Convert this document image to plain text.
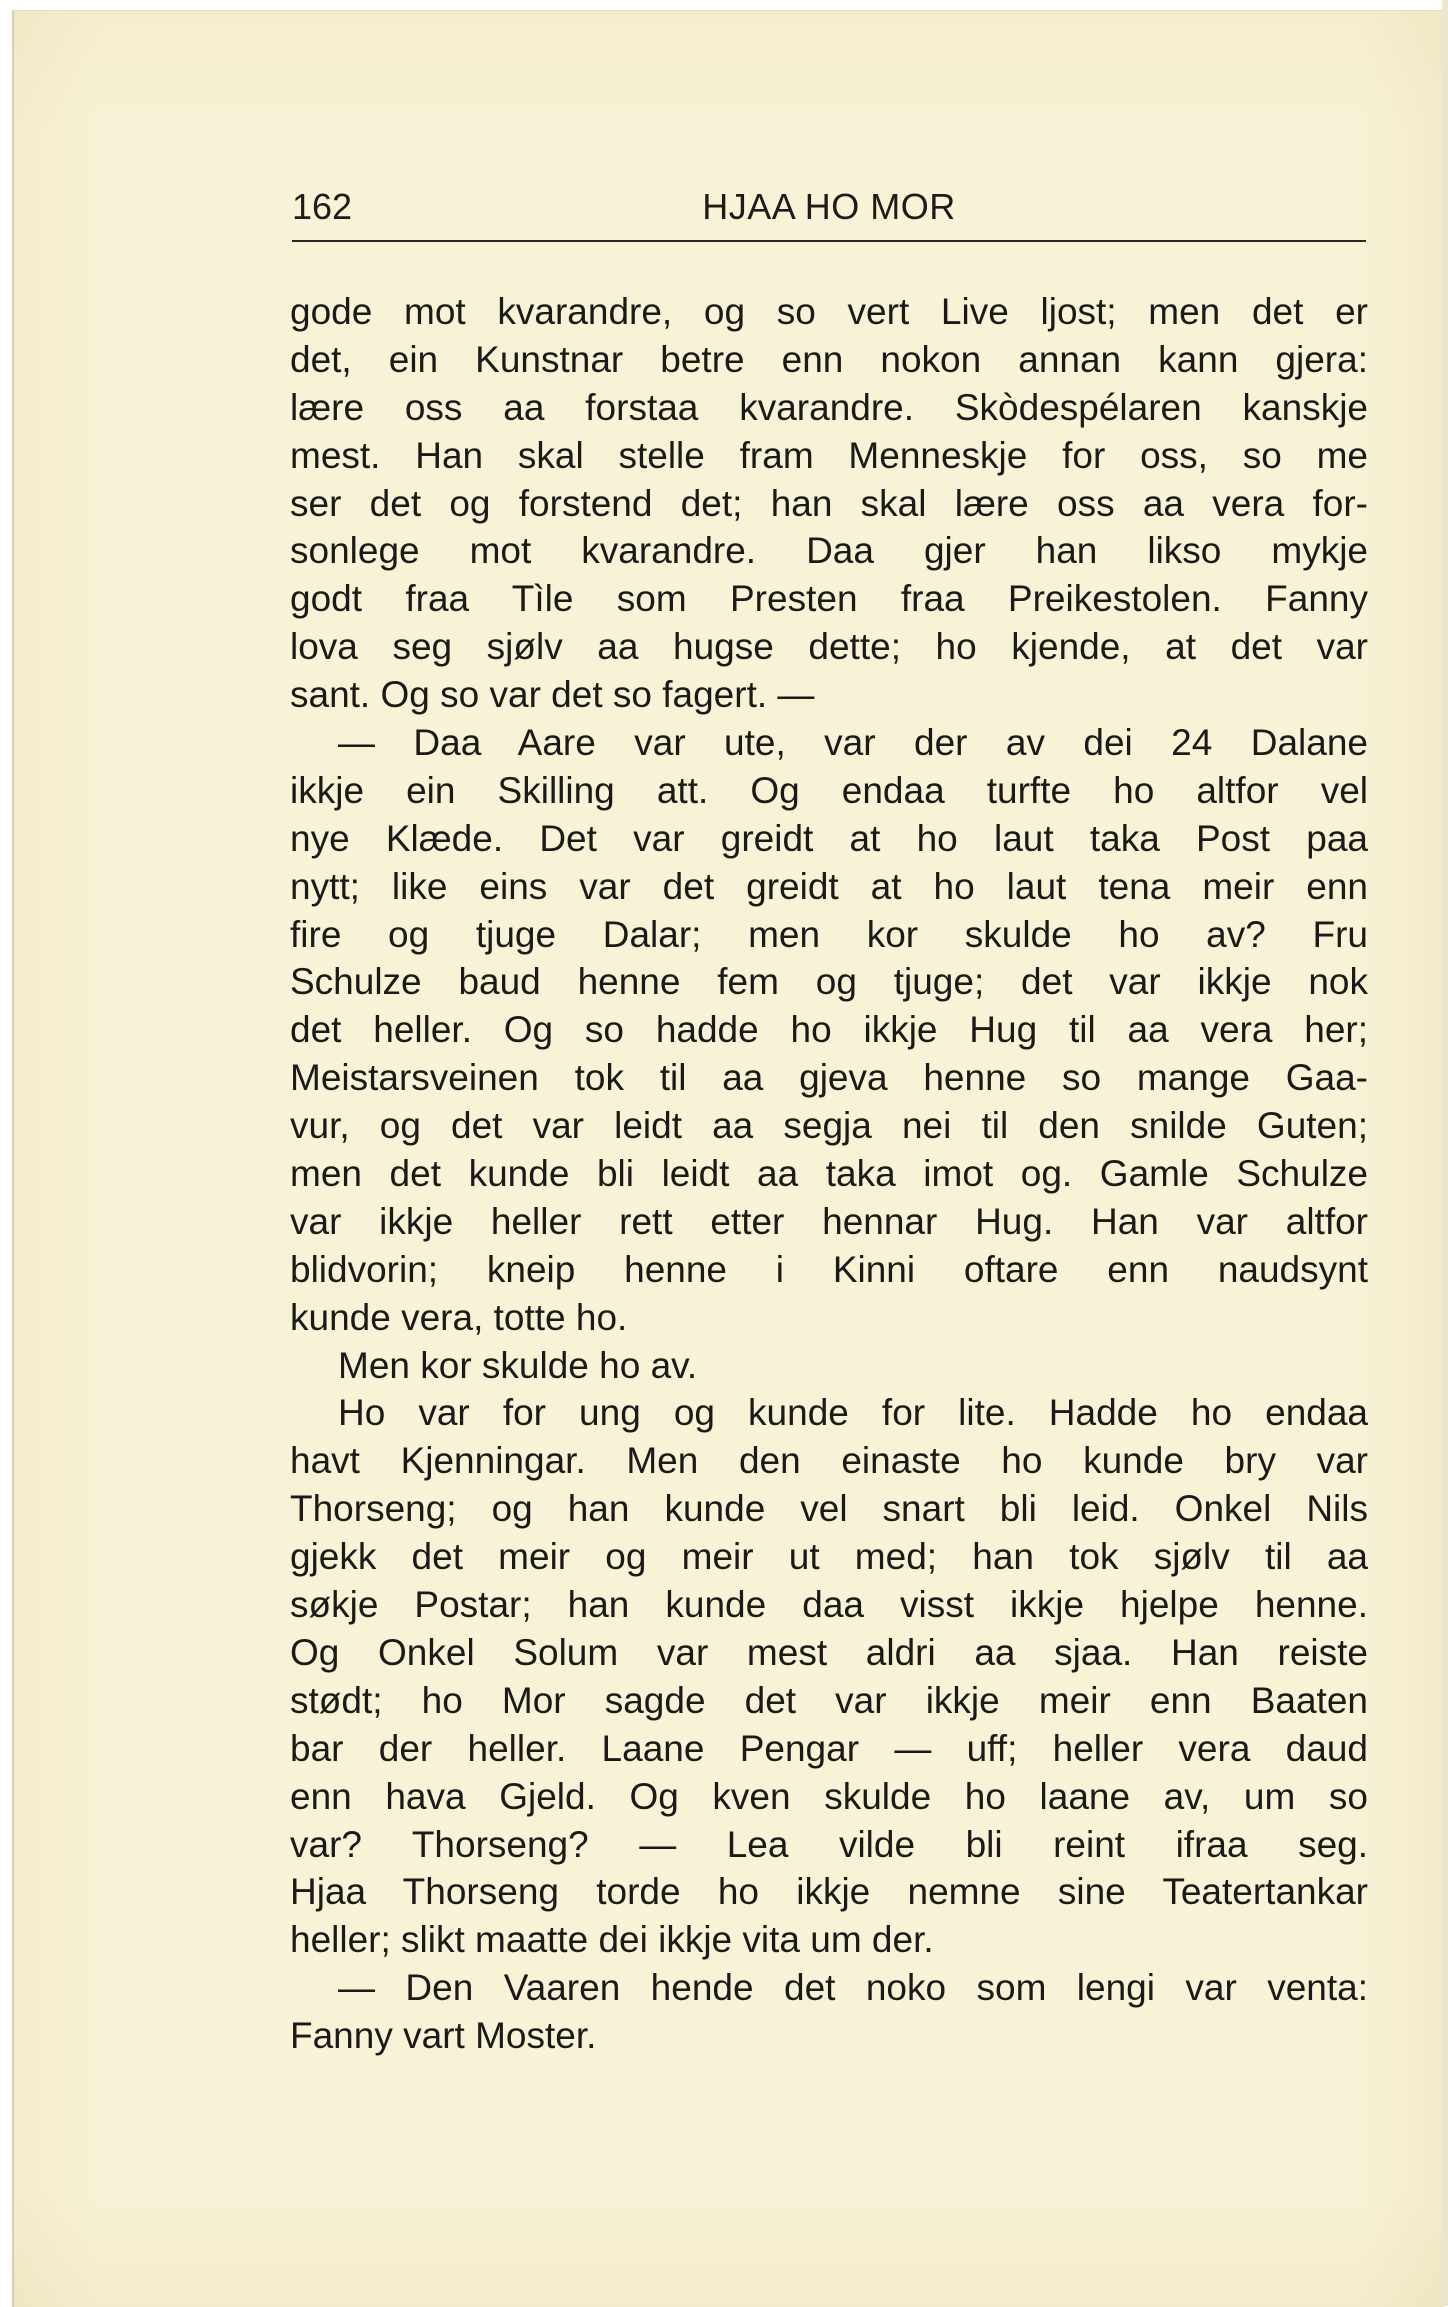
162	HJAA HO MOR
gode mot kvarandre, og so vert Live ljost; men det er
det, ein Kunstnar betre enn nokon annan kann gjera:
lære oss aa forstaa kvarandre. Skòdespélaren kanskje
mest. Han skal stelle fram Menneskje for oss, so me
ser det og forstend det; han skal lære oss aa vera for-
sonlege mot kvarandre. Daa gjer han likso mykje
godt fraa Tìle som Presten fraa Preikestolen. Fanny
lova seg sjølv aa hugse dette; ho kjende, at det var
sant. Og so var det so fagert. —
— Daa Aare var ute, var der av dei 24 Dalane
ikkje ein Skilling att. Og endaa turfte ho altfor vel
nye Klæde. Det var greidt at ho laut taka Post paa
nytt; like eins var det greidt at ho laut tena meir enn
fire og tjuge Dalar; men kor skulde ho av? Fru
Schulze baud henne fem og tjuge; det var ikkje nok
det heller. Og so hadde ho ikkje Hug til aa vera her;
Meistarsveinen tok til aa gjeva henne so mange Gaa-
vur, og det var leidt aa segja nei til den snilde Guten;
men det kunde bli leidt aa taka imot og. Gamle Schulze
var ikkje heller rett etter hennar Hug. Han var altfor
blidvorin; kneip henne i Kinni oftare enn naudsynt
kunde vera, totte ho.
Men kor skulde ho av.
Ho var for ung og kunde for lite. Hadde ho endaa
havt Kjenningar. Men den einaste ho kunde bry var
Thorseng; og han kunde vel snart bli leid. Onkel Nils
gjekk det meir og meir ut med; han tok sjølv til aa
søkje Postar; han kunde daa visst ikkje hjelpe henne.
Og Onkel Solum var mest aldri aa sjaa. Han reiste
stødt; ho Mor sagde det var ikkje meir enn Baaten
bar der heller. Laane Pengar — uff; heller vera daud
enn hava Gjeld. Og kven skulde ho laane av, um so
var? Thorseng? — Lea vilde bli reint ifraa seg.
Hjaa Thorseng torde ho ikkje nemne sine Teatertankar
heller; slikt maatte dei ikkje vita um der.
— Den Vaaren hende det noko som lengi var venta:
Fanny vart Moster.
